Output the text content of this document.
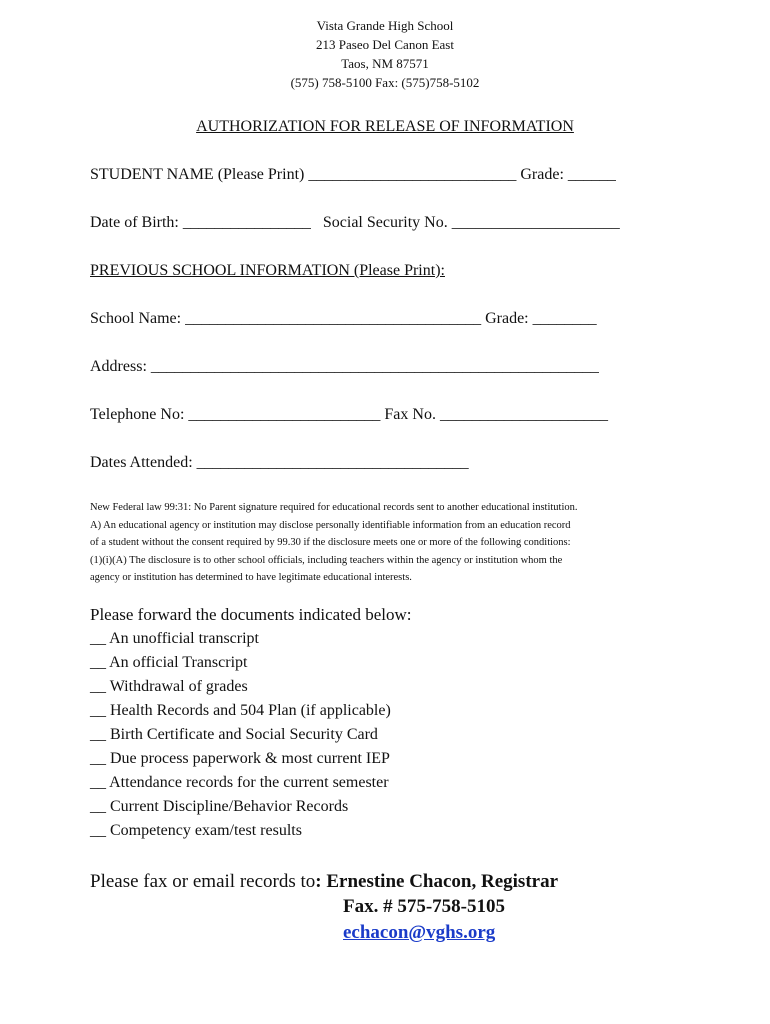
Vista Grande High School
213 Paseo Del Canon East
Taos, NM 87571
(575) 758-5100 Fax: (575)758-5102
AUTHORIZATION FOR RELEASE OF INFORMATION
STUDENT NAME (Please Print) __________________________ Grade: ______
Date of Birth: ________________   Social Security No. _____________________
PREVIOUS SCHOOL INFORMATION (Please Print):
School Name: _____________________________________ Grade: ________
Address: ________________________________________________________
Telephone No: ________________________ Fax No. _____________________
Dates Attended: __________________________________
New Federal law 99:31: No Parent signature required for educational records sent to another educational institution.
A) An educational agency or institution may disclose personally identifiable information from an education record
of a student without the consent required by 99.30 if the disclosure meets one or more of the following conditions:
(1)(i)(A) The disclosure is to other school officials, including teachers within the agency or institution whom the
agency or institution has determined to have legitimate educational interests.
Please forward the documents indicated below:
__ An unofficial transcript
__ An official Transcript
__ Withdrawal of grades
__ Health Records and 504 Plan (if applicable)
__ Birth Certificate and Social Security Card
__ Due process paperwork & most current IEP
__ Attendance records for the current semester
__ Current Discipline/Behavior Records
__ Competency exam/test results
Please fax or email records to: Ernestine Chacon, Registrar
Fax. # 575-758-5105
echacon@vghs.org
